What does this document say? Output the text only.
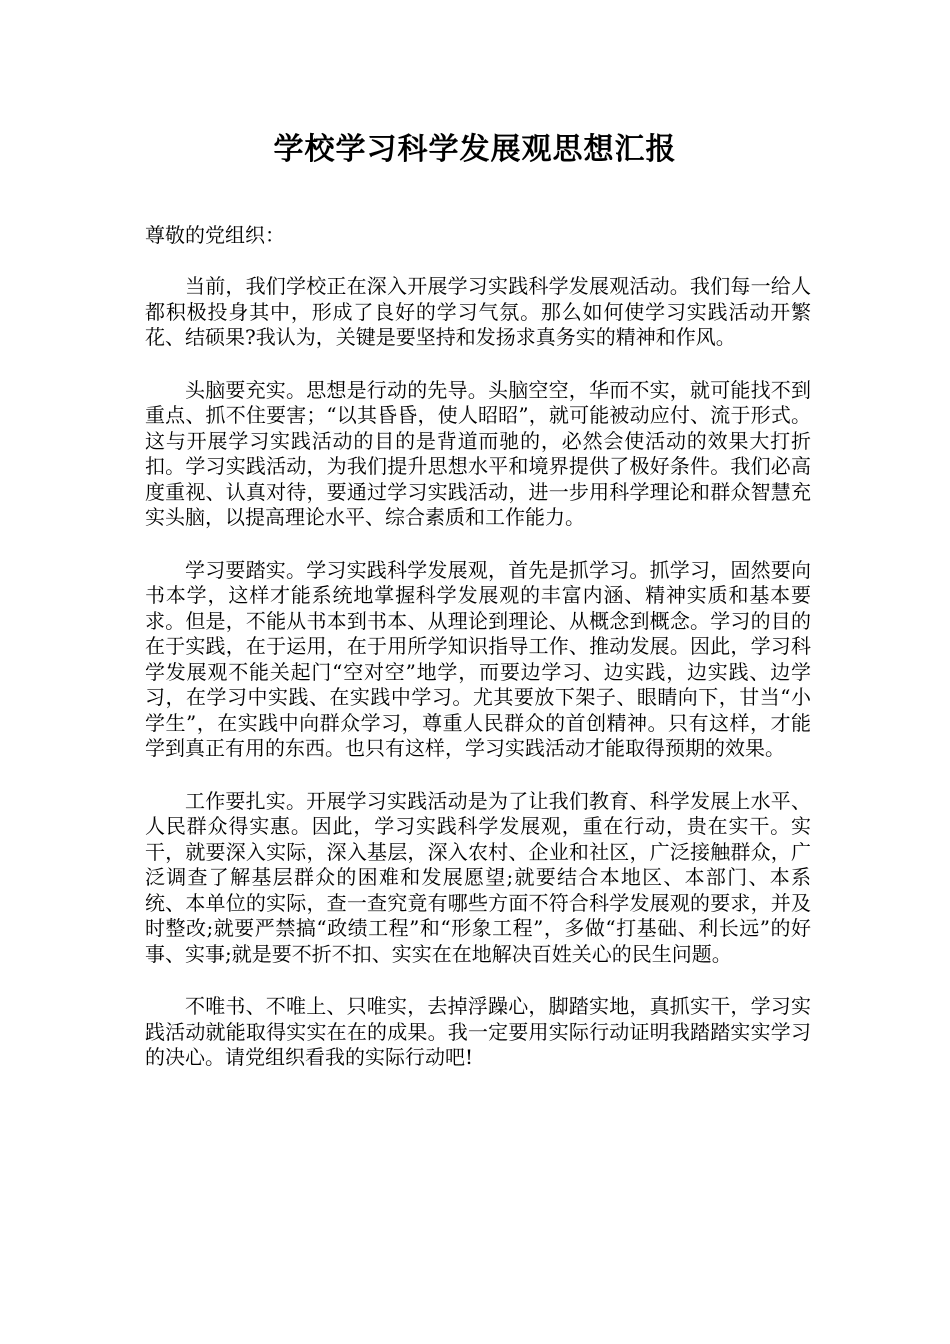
学校学习科学发展观思想汇报

尊敬的党组织：

当前，我们学校正在深入开展学习实践科学发展观活动。我们每一给人都积极投身其中，形成了良好的学习气氛。那么如何使学习实践活动开繁花、结硕果?我认为，关键是要坚持和发扬求真务实的精神和作风。

头脑要充实。思想是行动的先导。头脑空空，华而不实，就可能找不到重点、抓不住要害；“以其昏昏，使人昭昭”，就可能被动应付、流于形式。这与开展学习实践活动的目的是背道而驰的，必然会使活动的效果大打折扣。学习实践活动，为我们提升思想水平和境界提供了极好条件。我们必高度重视、认真对待，要通过学习实践活动，进一步用科学理论和群众智慧充实头脑，以提高理论水平、综合素质和工作能力。

学习要踏实。学习实践科学发展观，首先是抓学习。抓学习，固然要向书本学，这样才能系统地掌握科学发展观的丰富内涵、精神实质和基本要求。但是，不能从书本到书本、从理论到理论、从概念到概念。学习的目的在于实践，在于运用，在于用所学知识指导工作、推动发展。因此，学习科学发展观不能关起门“空对空”地学，而要边学习、边实践，边实践、边学习，在学习中实践、在实践中学习。尤其要放下架子、眼睛向下，甘当“小学生”，在实践中向群众学习，尊重人民群众的首创精神。只有这样，才能学到真正有用的东西。也只有这样，学习实践活动才能取得预期的效果。

工作要扎实。开展学习实践活动是为了让我们教育、科学发展上水平、人民群众得实惠。因此，学习实践科学发展观，重在行动，贵在实干。实干，就要深入实际，深入基层，深入农村、企业和社区，广泛接触群众，广泛调查了解基层群众的困难和发展愿望;就要结合本地区、本部门、本系统、本单位的实际，查一查究竟有哪些方面不符合科学发展观的要求，并及时整改;就要严禁搞“政绩工程”和“形象工程”，多做“打基础、利长远”的好事、实事;就是要不折不扣、实实在在地解决百姓关心的民生问题。

不唯书、不唯上、只唯实，去掉浮躁心，脚踏实地，真抓实干，学习实践活动就能取得实实在在的成果。我一定要用实际行动证明我踏踏实实学习的决心。请党组织看我的实际行动吧!
